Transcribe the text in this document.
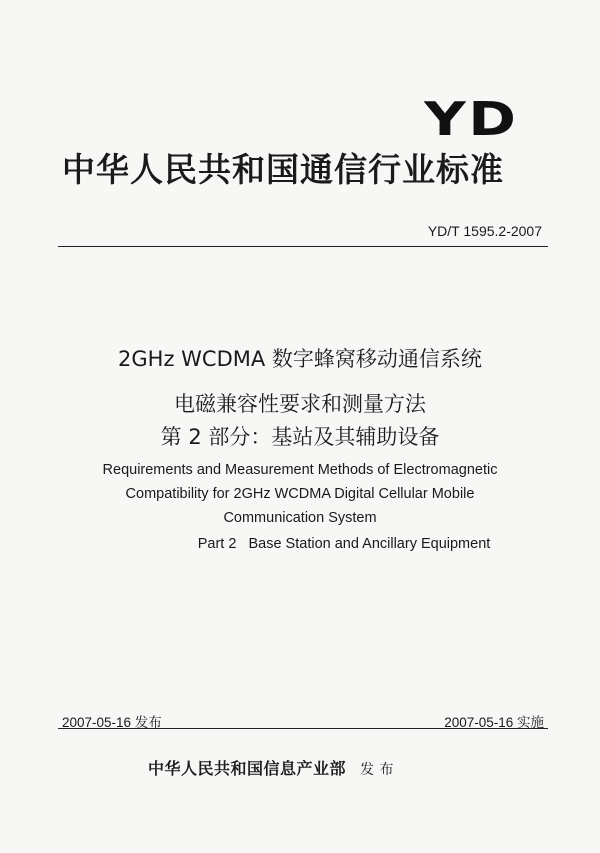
YD
中华人民共和国通信行业标准
YD/T 1595.2-2007
2GHz WCDMA 数字蜂窝移动通信系统
电磁兼容性要求和测量方法
第 2 部分：基站及其辅助设备
Requirements and Measurement Methods of Electromagnetic
Compatibility for 2GHz WCDMA Digital Cellular Mobile
Communication System
Part 2   Base Station and Ancillary Equipment
2007-05-16 发布	2007-05-16 实施
中华人民共和国信息产业部 发 布
